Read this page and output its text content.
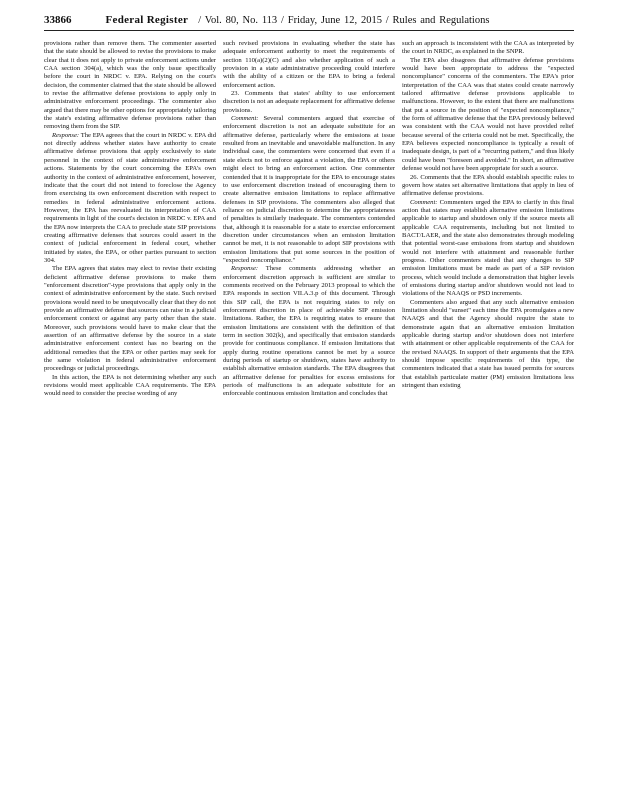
33866	Federal Register / Vol. 80, No. 113 / Friday, June 12, 2015 / Rules and Regulations

provisions rather than remove them. The commenter asserted that the state should be allowed to revise the provisions to make clear that it does not apply to private enforcement actions under CAA section 304(a), which was the only issue specifically before the court in NRDC v. EPA. Relying on the court's decision, the commenter claimed that the state should be allowed to revise the affirmative defense provisions to apply only in administrative enforcement proceedings. The commenter also argued that there may be other options for appropriately tailoring the state's existing affirmative defense provisions rather than removing them from the SIP.

Response: The EPA agrees that the court in NRDC v. EPA did not directly address whether states have authority to create affirmative defense provisions that apply exclusively to state personnel in the context of state administrative enforcement actions. Statements by the court concerning the EPA's own authority in the context of administrative enforcement, however, indicate that the court did not intend to foreclose the Agency from exercising its own enforcement discretion with respect to remedies in federal administrative enforcement actions. However, the EPA has reevaluated its interpretation of CAA requirements in light of the court's decision in NRDC v. EPA and the EPA now interprets the CAA to preclude state SIP provisions creating affirmative defenses that sources could assert in the context of judicial enforcement in federal court, whether initiated by states, the EPA, or other parties pursuant to section 304.

The EPA agrees that states may elect to revise their existing deficient affirmative defense provisions to make them "enforcement discretion"-type provisions that apply only in the context of administrative enforcement by the state. Such revised provisions would need to be unequivocally clear that they do not provide an affirmative defense that sources can raise in a judicial enforcement context or against any party other than the state. Moreover, such provisions would have to make clear that the assertion of an affirmative defense by the source in a state administrative enforcement context has no bearing on the additional remedies that the EPA or other parties may seek for the same violation in federal administrative enforcement proceedings or judicial proceedings.

In this action, the EPA is not determining whether any such revisions would meet applicable CAA requirements. The EPA would need to consider the precise wording of any

such revised provisions in evaluating whether the state has adequate enforcement authority to meet the requirements of section 110(a)(2)(C) and also whether application of such a provision in a state administrative proceeding could interfere with the ability of a citizen or the EPA to bring a federal enforcement action.

23. Comments that states' ability to use enforcement discretion is not an adequate replacement for affirmative defense provisions.

Comment: Several commenters argued that exercise of enforcement discretion is not an adequate substitute for an affirmative defense, particularly where the emissions at issue resulted from an inevitable and unavoidable malfunction. In any individual case, the commenters were concerned that even if a state elects not to enforce against a violation, the EPA or others might elect to bring an enforcement action. One commenter contended that it is inappropriate for the EPA to encourage states to use enforcement discretion instead of encouraging them to create alternative emission limitations to replace affirmative defenses in SIP provisions. The commenters also alleged that reliance on judicial discretion to determine the appropriateness of penalties is similarly inadequate. The commenters contended that, although it is reasonable for a state to exercise enforcement discretion under circumstances when an emission limitation cannot be met, it is not reasonable to adopt SIP provisions with emission limitations that put some sources in the position of "expected noncompliance."

Response: These comments addressing whether an enforcement discretion approach is sufficient are similar to comments received on the February 2013 proposal to which the EPA responds in section VII.A.3.p of this document. Through this SIP call, the EPA is not requiring states to rely on enforcement discretion in place of achievable SIP emission limitations. Rather, the EPA is requiring states to ensure that emission limitations are consistent with the definition of that term in section 302(k), and specifically that emission standards provide for continuous compliance. If emission limitations that apply during routine operations cannot be met by a source during periods of startup or shutdown, states have authority to establish alternative emission standards. The EPA disagrees that an affirmative defense for penalties for excess emissions for periods of malfunctions is an adequate substitute for an enforceable continuous emission limitation and concludes that

such an approach is inconsistent with the CAA as interpreted by the court in NRDC, as explained in the SNPR.

The EPA also disagrees that affirmative defense provisions would have been appropriate to address the "expected noncompliance" concerns of the commenters. The EPA's prior interpretation of the CAA was that states could create narrowly tailored affirmative defense provisions applicable to malfunctions. However, to the extent that there are malfunctions that put a source in the position of "expected noncompliance," the form of affirmative defense that the EPA previously believed was consistent with the CAA would not have provided relief because several of the criteria could not be met. Specifically, the EPA believes expected noncompliance is typically a result of inadequate design, is part of a "recurring pattern," and thus likely could have been "foreseen and avoided." In short, an affirmative defense would not have been appropriate for such a source.

26. Comments that the EPA should establish specific rules to govern how states set alternative limitations that apply in lieu of affirmative defense provisions.

Comment: Commenters urged the EPA to clarify in this final action that states may establish alternative emission limitations applicable to startup and shutdown only if the source meets all applicable CAA requirements, including but not limited to BACT/LAER, and the state also demonstrates through modeling that potential worst-case emissions from startup and shutdown would not interfere with attainment and reasonable further progress. Other commenters stated that any changes to SIP emission limitations must be made as part of a SIP revision process, which would include a demonstration that higher levels of emissions during startup and/or shutdown would not lead to violations of the NAAQS or PSD increments.

Commenters also argued that any such alternative emission limitation should "sunset" each time the EPA promulgates a new NAAQS and that the Agency should require the state to demonstrate again that an alternative emission limitation applicable during startup and/or shutdown does not interfere with attainment or other applicable requirements of the CAA for the revised NAAQS. In support of their arguments that the EPA should impose specific requirements of this type, the commenters indicated that a state has issued permits for sources that establish particulate matter (PM) emission limitations less stringent than existing
